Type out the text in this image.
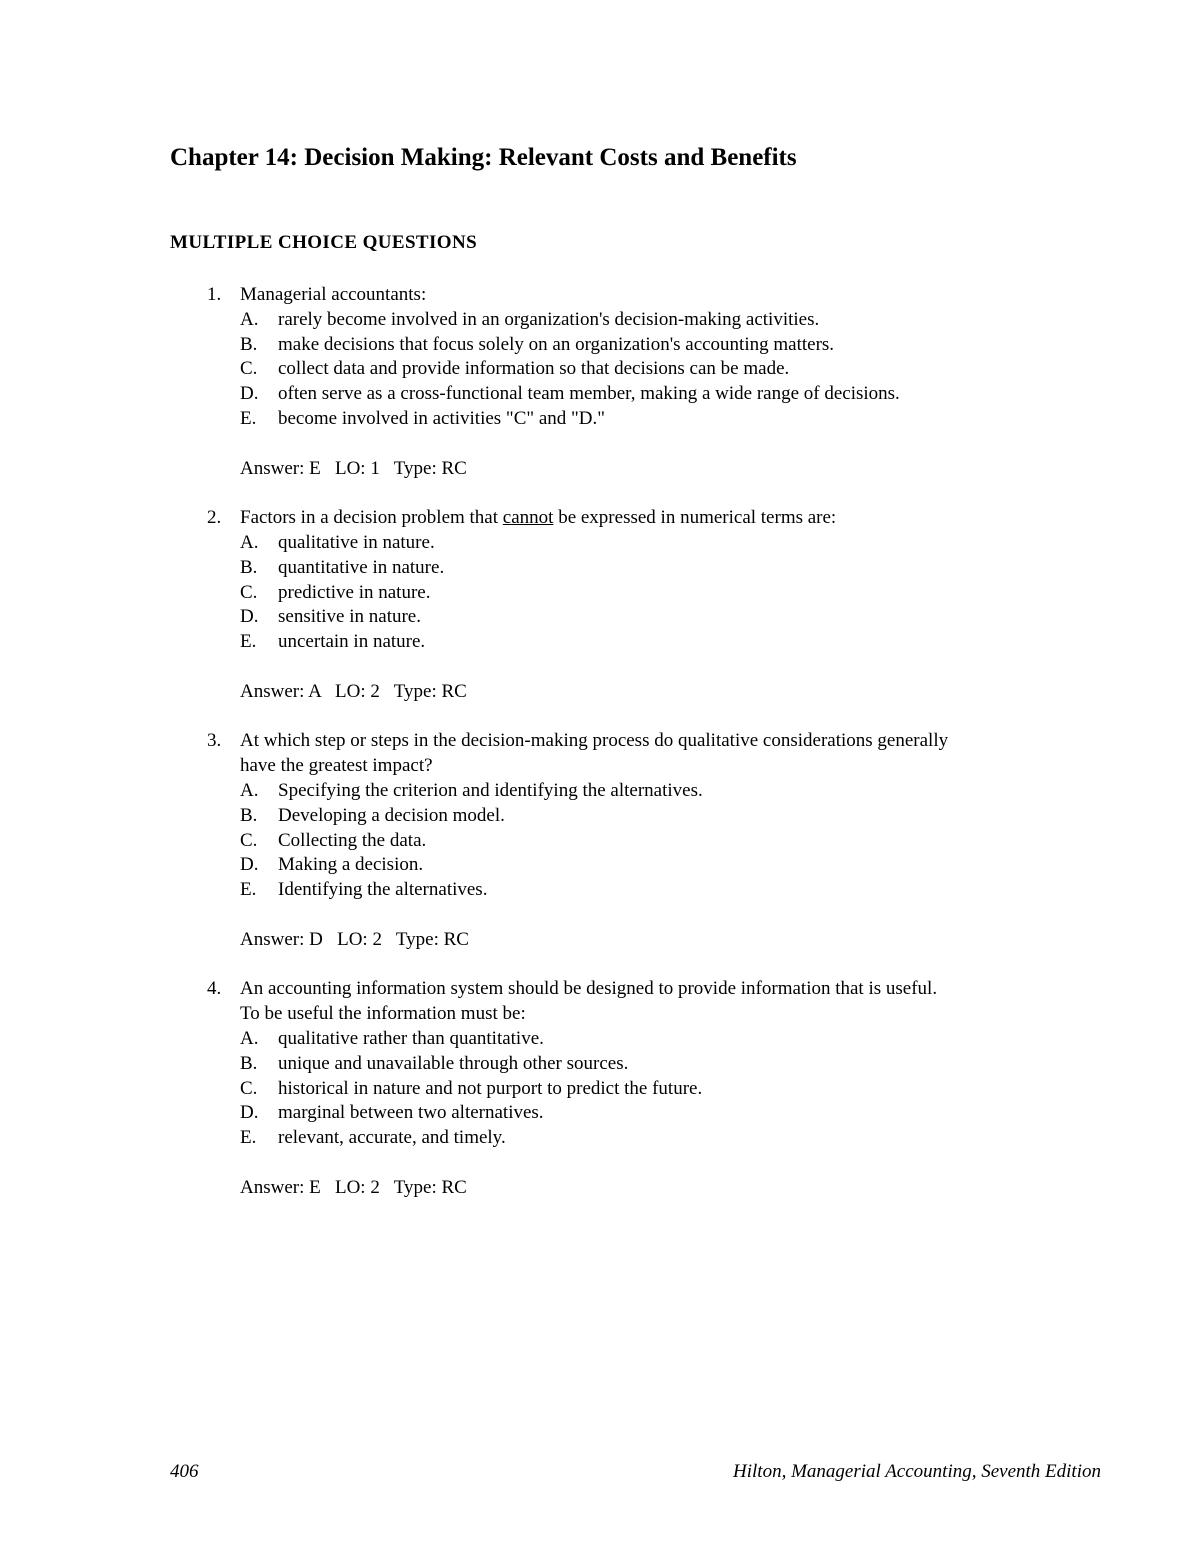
Chapter 14: Decision Making: Relevant Costs and Benefits
MULTIPLE CHOICE QUESTIONS
1. Managerial accountants:
A. rarely become involved in an organization's decision-making activities.
B. make decisions that focus solely on an organization's accounting matters.
C. collect data and provide information so that decisions can be made.
D. often serve as a cross-functional team member, making a wide range of decisions.
E. become involved in activities "C" and "D."
Answer: E   LO: 1   Type: RC
2. Factors in a decision problem that cannot be expressed in numerical terms are:
A. qualitative in nature.
B. quantitative in nature.
C. predictive in nature.
D. sensitive in nature.
E. uncertain in nature.
Answer: A   LO: 2   Type: RC
3. At which step or steps in the decision-making process do qualitative considerations generally
have the greatest impact?
A. Specifying the criterion and identifying the alternatives.
B. Developing a decision model.
C. Collecting the data.
D. Making a decision.
E. Identifying the alternatives.
Answer: D   LO: 2   Type: RC
4. An accounting information system should be designed to provide information that is useful.
To be useful the information must be:
A. qualitative rather than quantitative.
B. unique and unavailable through other sources.
C. historical in nature and not purport to predict the future.
D. marginal between two alternatives.
E. relevant, accurate, and timely.
Answer: E   LO: 2   Type: RC
406	Hilton, Managerial Accounting, Seventh Edition
